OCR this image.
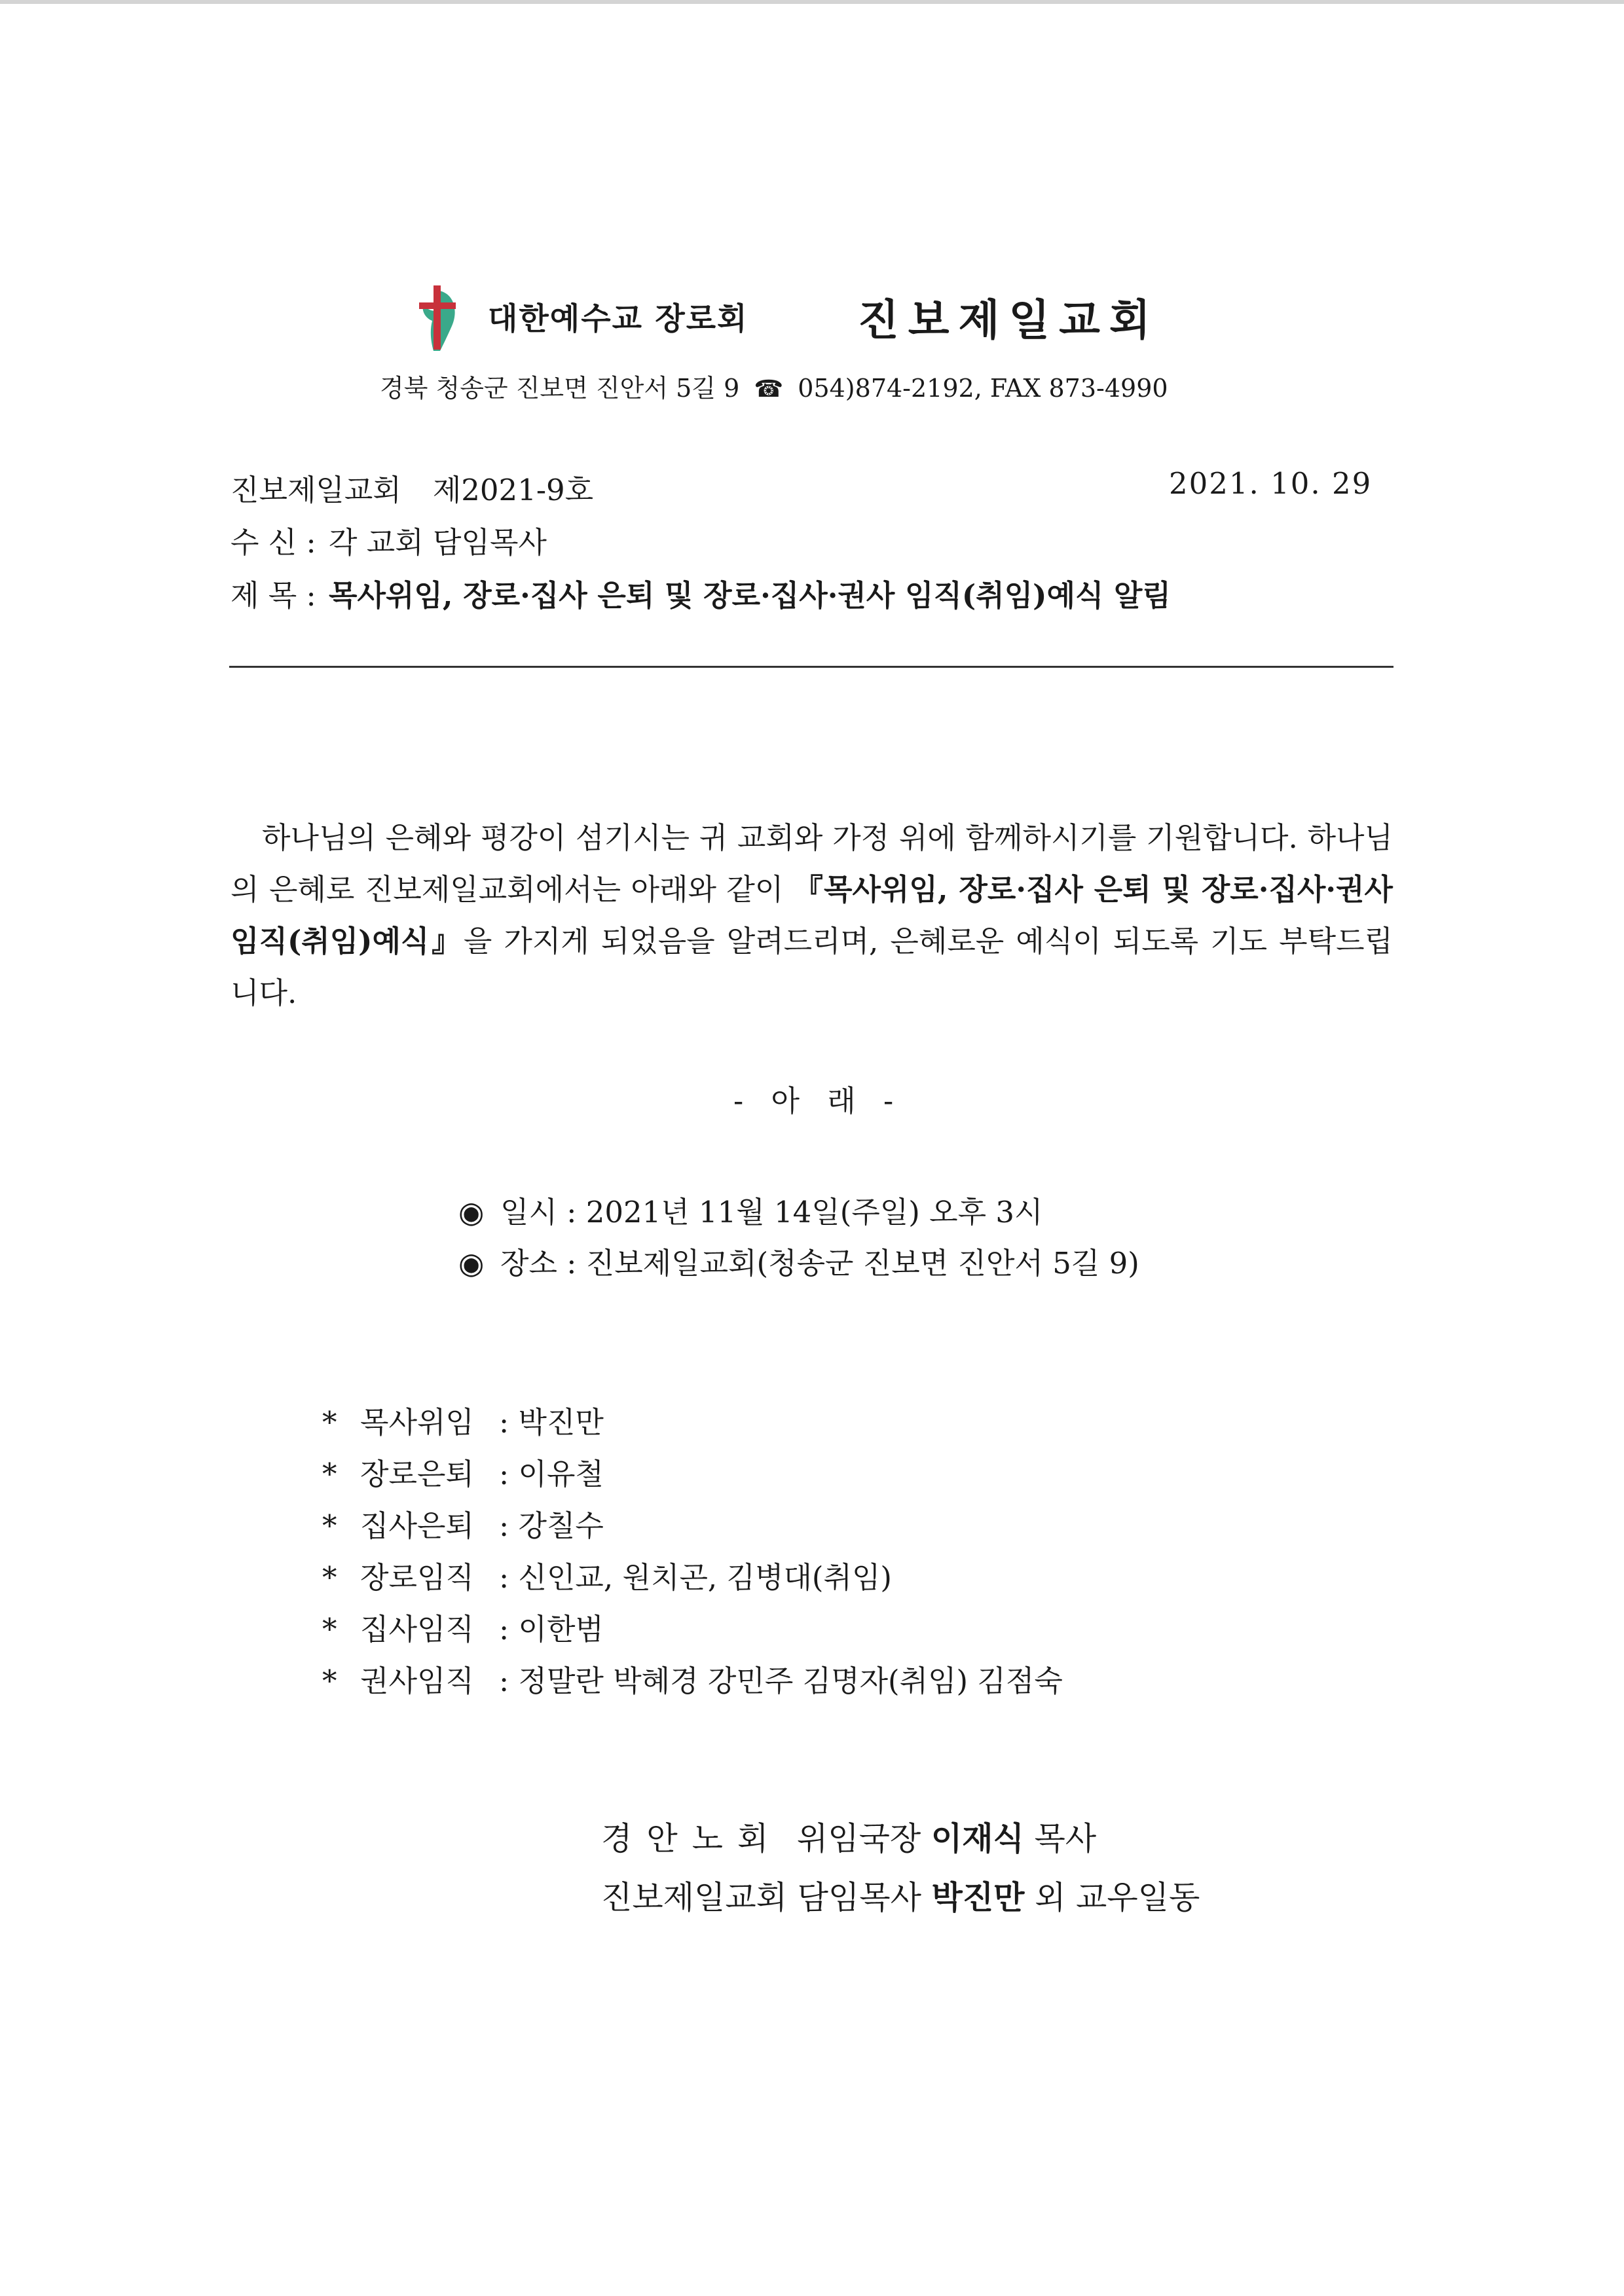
대한예수교 장로회	진보제일교회
경북 청송군 진보면 진안서 5길 9 ☎ 054)874-2192, FAX 873-4990
진보제일교회 제2021-9호	2021. 10. 29
수 신 : 각 교회 담임목사
제 목 : 목사위임, 장로·집사 은퇴 및 장로·집사·권사 임직(취임)예식 알림

하나님의 은혜와 평강이 섬기시는 귀 교회와 가정 위에 함께하시기를 기원합니다. 하나님의 은혜로 진보제일교회에서는 아래와 같이 『목사위임, 장로·집사 은퇴 및 장로·집사·권사 임직(취임)예식』을 가지게 되었음을 알려드리며, 은혜로운 예식이 되도록 기도 부탁드립니다.

- 아 래 -
◉ 일시 : 2021년 11월 14일(주일) 오후 3시
◉ 장소 : 진보제일교회(청송군 진보면 진안서 5길 9)
* 목사위임 : 박진만
* 장로은퇴 : 이유철
* 집사은퇴 : 강칠수
* 장로임직 : 신인교, 원치곤, 김병대(취임)
* 집사임직 : 이한범
* 권사임직 : 정말란 박혜경 강민주 김명자(취임) 김점숙
경안노회 위임국장 이재식 목사
진보제일교회 담임목사 박진만 외 교우일동
